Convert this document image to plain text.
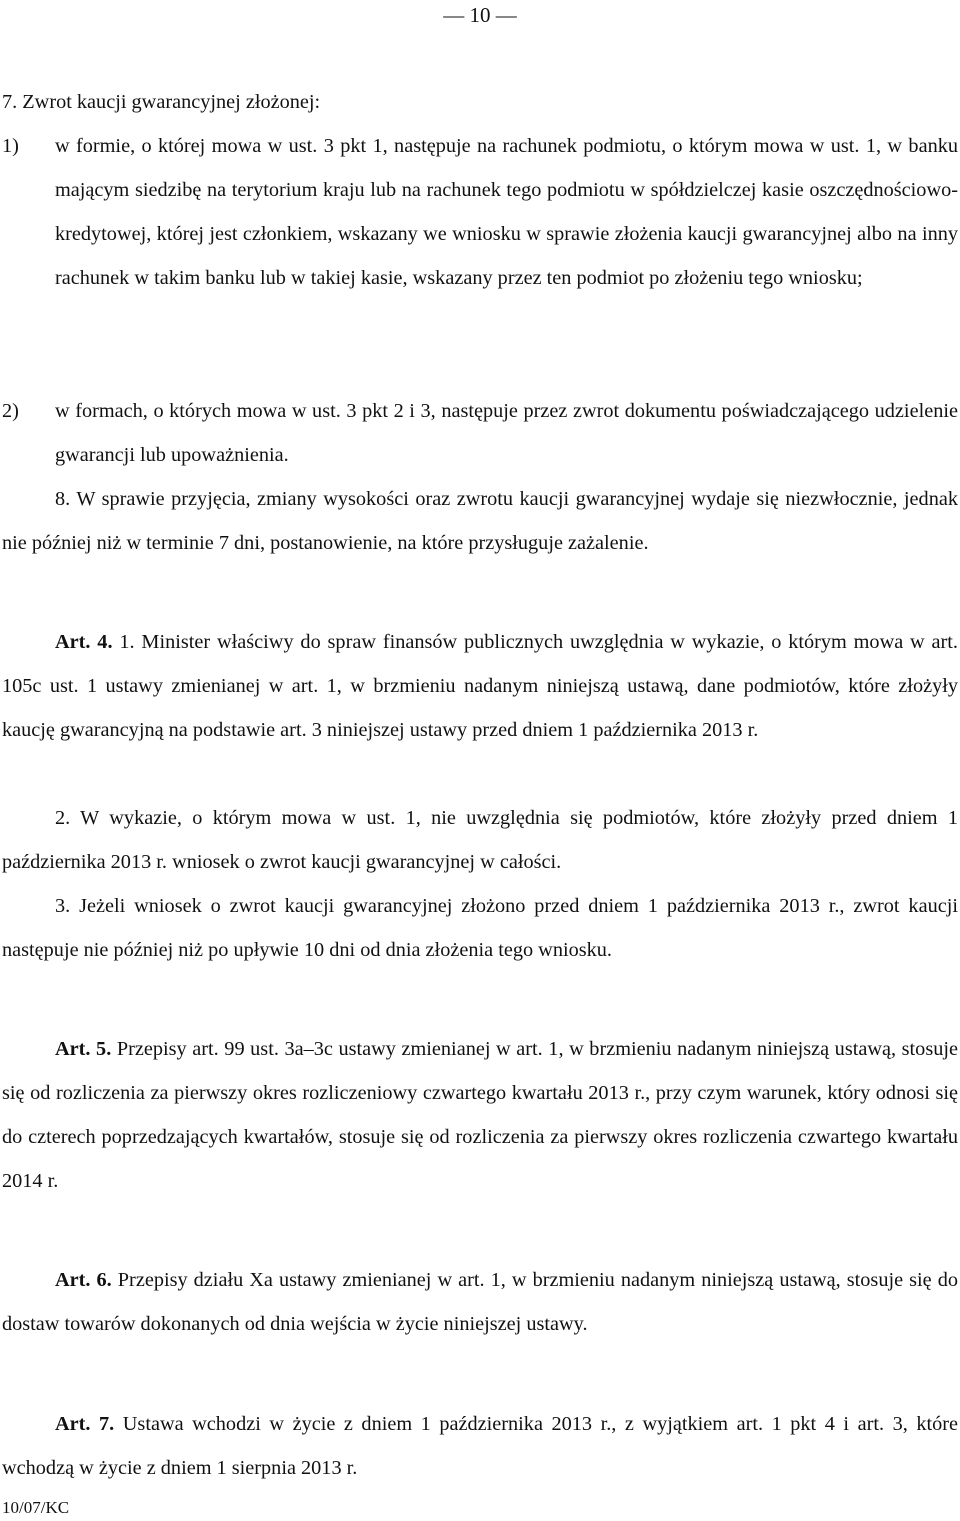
— 10 —
7. Zwrot kaucji gwarancyjnej złożonej:
1) w formie, o której mowa w ust. 3 pkt 1, następuje na rachunek podmiotu, o którym mowa w ust. 1, w banku mającym siedzibę na terytorium kraju lub na rachunek tego podmiotu w spółdzielczej kasie oszczędnościowo-kredytowej, której jest członkiem, wskazany we wniosku w sprawie złożenia kaucji gwarancyjnej albo na inny rachunek w takim banku lub w takiej kasie, wskazany przez ten podmiot po złożeniu tego wniosku;
2) w formach, o których mowa w ust. 3 pkt 2 i 3, następuje przez zwrot dokumentu poświadczającego udzielenie gwarancji lub upoważnienia.
8. W sprawie przyjęcia, zmiany wysokości oraz zwrotu kaucji gwarancyjnej wydaje się niezwłocznie, jednak nie później niż w terminie 7 dni, postanowienie, na które przysługuje zażalenie.
Art. 4. 1. Minister właściwy do spraw finansów publicznych uwzględnia w wykazie, o którym mowa w art. 105c ust. 1 ustawy zmienianej w art. 1, w brzmieniu nadanym niniejszą ustawą, dane podmiotów, które złożyły kaucję gwarancyjną na podstawie art. 3 niniejszej ustawy przed dniem 1 października 2013 r.
2. W wykazie, o którym mowa w ust. 1, nie uwzględnia się podmiotów, które złożyły przed dniem 1 października 2013 r. wniosek o zwrot kaucji gwarancyjnej w całości.
3. Jeżeli wniosek o zwrot kaucji gwarancyjnej złożono przed dniem 1 października 2013 r., zwrot kaucji następuje nie później niż po upływie 10 dni od dnia złożenia tego wniosku.
Art. 5. Przepisy art. 99 ust. 3a–3c ustawy zmienianej w art. 1, w brzmieniu nadanym niniejszą ustawą, stosuje się od rozliczenia za pierwszy okres rozliczeniowy czwartego kwartału 2013 r., przy czym warunek, który odnosi się do czterech poprzedzających kwartałów, stosuje się od rozliczenia za pierwszy okres rozliczenia czwartego kwartału 2014 r.
Art. 6. Przepisy działu Xa ustawy zmienianej w art. 1, w brzmieniu nadanym niniejszą ustawą, stosuje się do dostaw towarów dokonanych od dnia wejścia w życie niniejszej ustawy.
Art. 7. Ustawa wchodzi w życie z dniem 1 października 2013 r., z wyjątkiem art. 1 pkt 4 i art. 3, które wchodzą w życie z dniem 1 sierpnia 2013 r.
10/07/KC
